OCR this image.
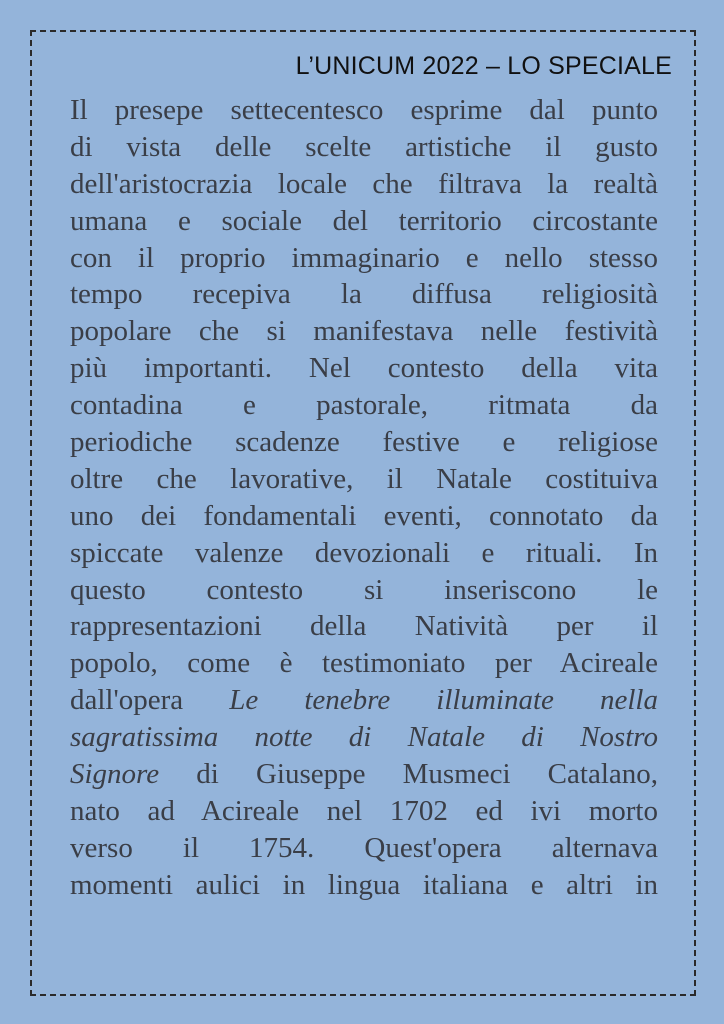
L’UNICUM 2022 – LO SPECIALE
Il presepe settecentesco esprime dal punto
di vista delle scelte artistiche il gusto
dell'aristocrazia locale che filtrava la realtà
umana e sociale del territorio circostante
con il proprio immaginario e nello stesso
tempo recepiva la diffusa religiosità
popolare che si manifestava nelle festività
più importanti. Nel contesto della vita
contadina e pastorale, ritmata da
periodiche scadenze festive e religiose
oltre che lavorative, il Natale costituiva
uno dei fondamentali eventi, connotato da
spiccate valenze devozionali e rituali. In
questo contesto si inseriscono le
rappresentazioni della Natività per il
popolo, come è testimoniato per Acireale
dall'opera Le tenebre illuminate nella
sagratissima notte di Natale di Nostro
Signore di Giuseppe Musmeci Catalano,
nato ad Acireale nel 1702 ed ivi morto
verso il 1754. Quest'opera alternava
momenti aulici in lingua italiana e altri in
